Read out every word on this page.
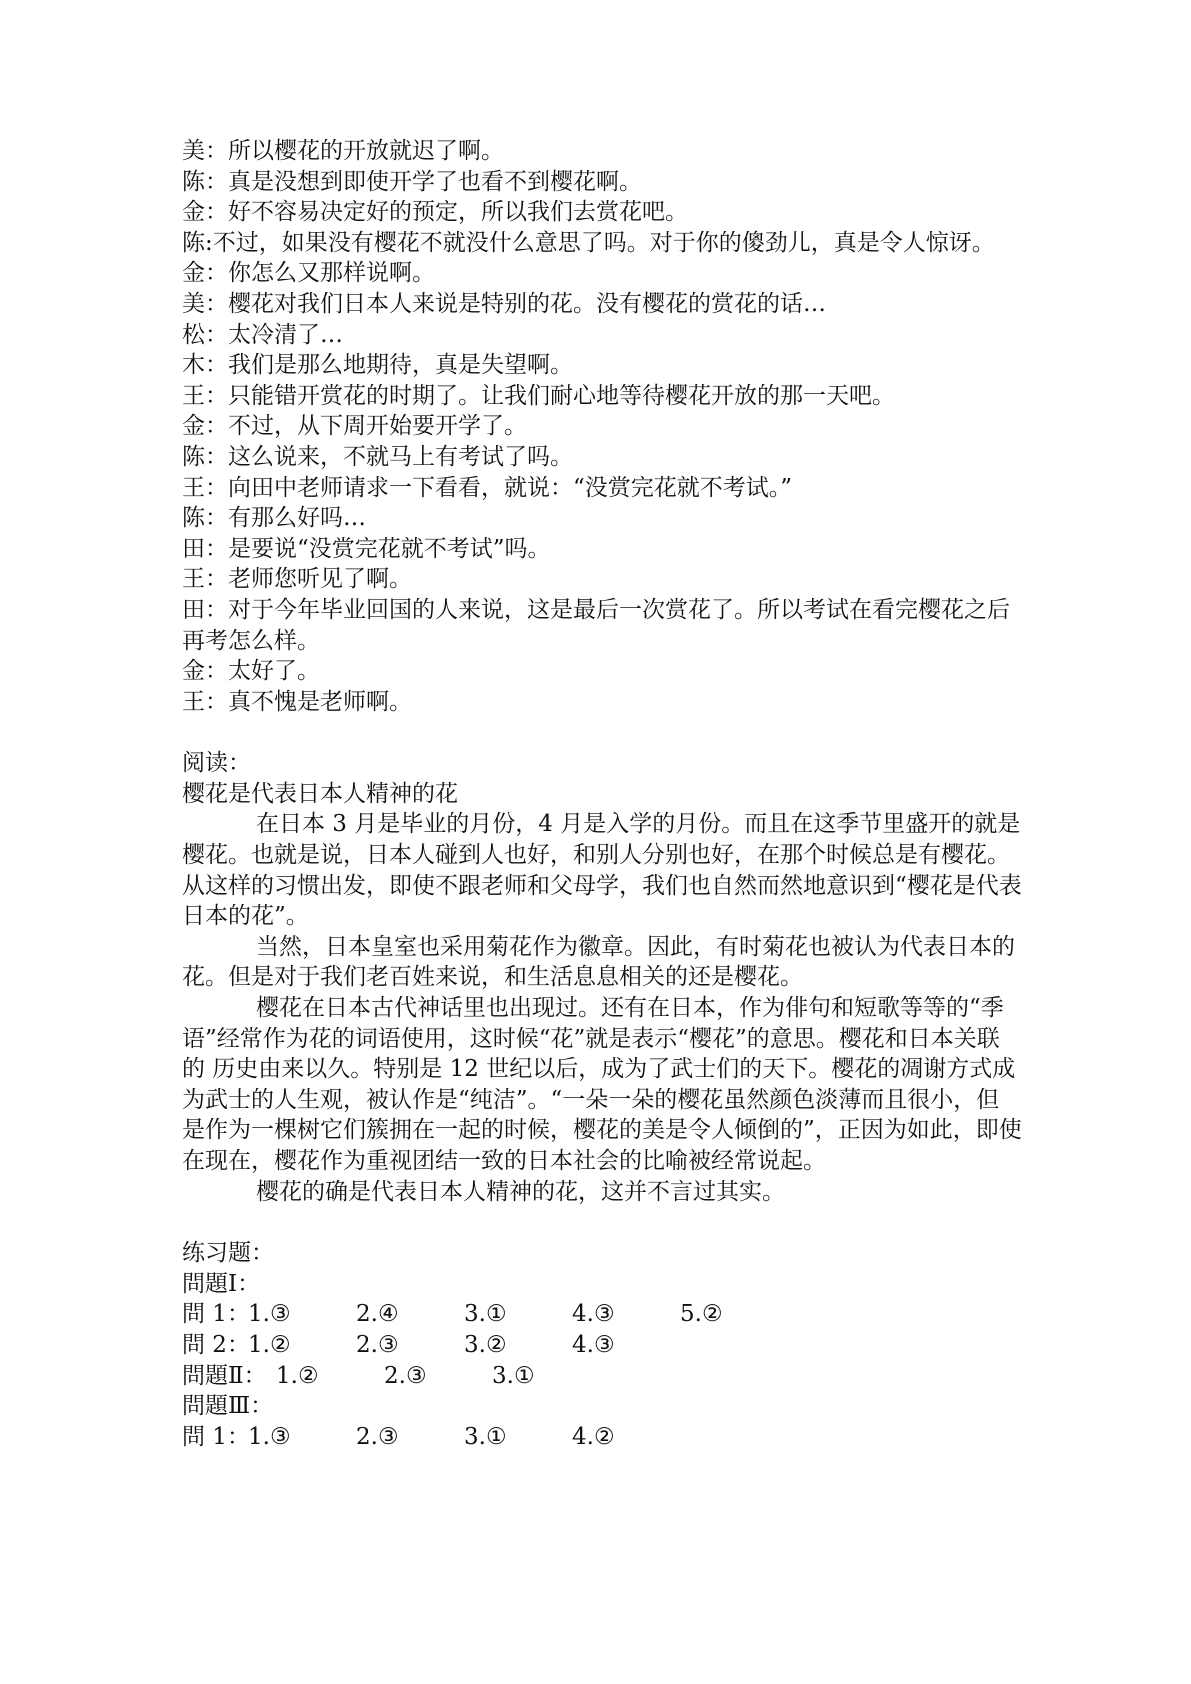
美：所以樱花的开放就迟了啊。
陈：真是没想到即使开学了也看不到樱花啊。
金：好不容易决定好的预定，所以我们去赏花吧。
陈:不过，如果没有樱花不就没什么意思了吗。对于你的傻劲儿，真是令人惊讶。
金：你怎么又那样说啊。
美：樱花对我们日本人来说是特别的花。没有樱花的赏花的话…
松：太冷清了…
木：我们是那么地期待，真是失望啊。
王：只能错开赏花的时期了。让我们耐心地等待樱花开放的那一天吧。
金：不过，从下周开始要开学了。
陈：这么说来，不就马上有考试了吗。
王：向田中老师请求一下看看，就说：“没赏完花就不考试。”
陈：有那么好吗…
田：是要说“没赏完花就不考试”吗。
王：老师您听见了啊。
田：对于今年毕业回国的人来说，这是最后一次赏花了。所以考试在看完樱花之后再考怎么样。
金：太好了。
王：真不愧是老师啊。
阅读：
樱花是代表日本人精神的花
在日本 3 月是毕业的月份，4 月是入学的月份。而且在这季节里盛开的就是樱花。也就是说，日本人碰到人也好，和别人分别也好，在那个时候总是有樱花。从这样的习惯出发，即使不跟老师和父母学，我们也自然而然地意识到“樱花是代表日本的花”。
当然，日本皇室也采用菊花作为徽章。因此，有时菊花也被认为代表日本的花。但是对于我们老百姓来说，和生活息息相关的还是樱花。
樱花在日本古代神话里也出现过。还有在日本，作为俳句和短歌等等的“季语”经常作为花的词语使用，这时候“花”就是表示“樱花”的意思。樱花和日本关联的 历史由来以久。特别是 12 世纪以后，成为了武士们的天下。樱花的凋谢方式成为武士的人生观，被认作是“纯洁”。“一朵一朵的樱花虽然颜色淡薄而且很小，但 是作为一棵树它们簇拥在一起的时候，樱花的美是令人倾倒的”，正因为如此，即使在现在，樱花作为重视团结一致的日本社会的比喻被经常说起。
樱花的确是代表日本人精神的花，这并不言过其实。
练习题：
問題Ⅰ：
問 1：
1.③	2.④	3.①	4.③	5.②
問 2：
1.②	2.③	3.②	4.③
問題Ⅱ： 1.②	2.③	3.①
問題Ⅲ：
問 1：
1.③	2.③	3.①	4.②
